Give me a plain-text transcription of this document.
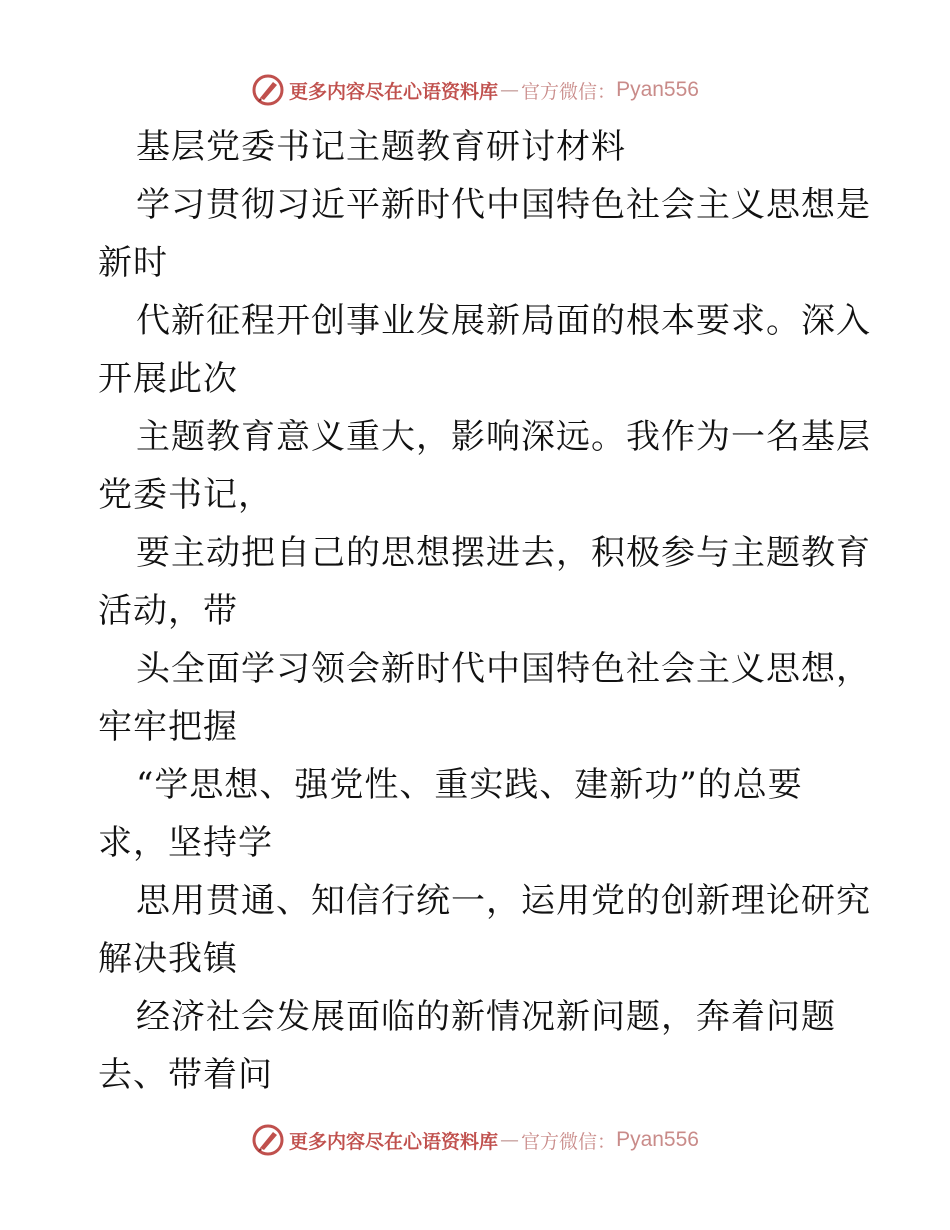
更多内容尽在心语资料库 — 官方微信： Pyan556
基层党委书记主题教育研讨材料
学习贯彻习近平新时代中国特色社会主义思想是
新时
代新征程开创事业发展新局面的根本要求。深入
开展此次
主题教育意义重大，影响深远。我作为一名基层
党委书记，
要主动把自己的思想摆进去，积极参与主题教育
活动，带
头全面学习领会新时代中国特色社会主义思想，
牢牢把握
“学思想、强党性、重实践、建新功”的总要
求，坚持学
思用贯通、知信行统一，运用党的创新理论研究
解决我镇
经济社会发展面临的新情况新问题，奔着问题
去、带着问
更多内容尽在心语资料库 — 官方微信： Pyan556
